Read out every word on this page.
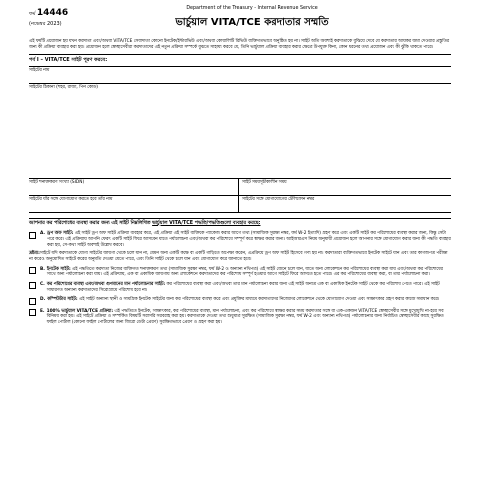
ফর্ম 14446
(নভেম্বর 2023)
Department of the Treasury - Internal Revenue Service
ভার্চুয়াল VITA/TCE করদাতার সম্মতি
এই ফর্মটি প্রয়োজন হয় যখন করদাতা এবং/অথবা VITA/TCE সেবাদাতা কোনো ইনটেক/ইন্টারভিউ এবং/অথবা কোয়ালিটি রিভিউ ব্যক্তিগতভাবে অনুষ্ঠিত হয় না। সাইট অতি অবশ্যই করদাতাকে বুঝিয়ে দেবে যে করদাতার আয়কর জমা দেওয়ার প্রস্তুতির জন্য কী প্রক্রিয়া ব্যবহার করা হয়। প্রয়োজন হলে স্বেচ্ছাসেবীরা করদাতাদের এই নতুন প্রক্রিয়া সম্পর্কে বুঝতে সাহায্য করবে যে, তিনি ভার্চুয়াল প্রক্রিয়া ব্যবহার করার ক্ষেত্রে উপযুক্ত কিনা, কোন ধরনের তথ্য প্রয়োজন এবং কী ঝুঁকি থাকতে পারে।
পর্ব I – VITA/TCE সাইট পূরণ করবে:
সাইটের নাম
সাইটের ঠিকানা (শহর, রাজ্য, পিন কোড)
সাইট শনাক্তকরণ সংখ্যা (SIDN)	সাইট সময়সূচীকালীন সময়
সাইটের যাঁর সঙ্গে যোগাযোগ করতে হবে তাঁর নাম	সাইটের সঙ্গে যোগাযোগের টেলিফোন নম্বর
আপনার কর পরিশোধের ব্যবস্থা করার জন্য এই সাইট নিম্নলিখিত ভার্চুয়াল VITA/TCE পদ্ধতি/পদ্ধতিগুলো ব্যবহার করছে:
A. ড্রপ অফ সাইট: এই সাইট ড্রপ অফ সাইট প্রক্রিয়া ব্যবহার করে, এই প্রক্রিয়া এই সাইট ব্যক্তিকে প্যাকেজ করার আগে তথ্য (সামাজিক সুরক্ষা নম্বর, ফর্ম W-2 ইত্যাদি) গ্রহণ করে এবং একটি সাইট কর পরিশোধের ব্যবস্থা করার জন্য, কিন্তু সেটা পরে করে। এই প্রক্রিয়ায় আপনি ফেরৎ একটি সাইট ফিরে আসবেন যাতে পর্যালোচনা এবং/অথবা কর পরিশোধে সম্পূর্ণ করে স্বাক্ষর করার জন্য। আইআরএস নিয়ম অনুযায়ী প্রয়োজন হলে আপনার সঙ্গে যোগাযোগ করার জন্য কী পদ্ধতি ব্যবহার করা হয়, সে-কথা সাইট অবশ্যই উল্লেখ করবে।
দ্রষ্টব্য:সাইটে যদি করদাতাকে যোগ্য সাইটের জায়গা থেকে চলে যান না, যেমন অন্য একটি কক্ষে বা একটি গাড়িতে অপেক্ষা করেন, এপ্রক্রিয়ে ড্রপ অফ সাইট হিসেবে গণ্য হয় না। করদাতারা ব্যক্তিগতভাবে ইনটেক সাইটে যান এবং তার কাগজপত্র পরীক্ষা না করেও অনুমোদিত সাইটে করের অনুমতি দেওয়া যেতে পারে, এবং তিনি সাইট থেকে চলে যান এবং যোগাযোগ করে জানাতে হবে।
B. ইনটেক সাইট: এই পদ্ধতিতে করদাতা নিজের ব্যক্তিগত শনাক্তকরণ তথ্য (সামাজিক সুরক্ষা নম্বর, ফর্ম W-2 ও অন্যান্য নথিপত্র) এই সাইট জেনে চলে যান, যাতে অন্য লোকেশনে কর পরিশোধের ব্যবস্থা করা যায় এবং/অথবা কর পরিশোধের সাথে অন্য পর্যালোচনা করা যায়। এই প্রক্রিয়ায়, এক বা একাধিক জায়গায় অন্য লোকেশনে করদাতাদের কর পরিশোধ সম্পূর্ণ হওয়ার আগে সাইটে ফিরে আসতে হতে পারে। এর কর পরিশোধের ব্যবস্থা করা, বা তার পর্যালোচনা করা।
C. কর পরিশোধের ব্যবস্থা এবং/অথবা গুণমানের মান পর্যালোচনার সাইট: কর পরিশোধের ব্যবস্থা করা এবং/অথবা তার মান পর্যালোচনা করার জন্য এই সাইট অন্যত্র এক বা একাধিক ইনটেক সাইট থেকে কর পরিশোধ পেতে পারে। এই সাইট সাধারণত অন্যান্য করদাতাদের সিরোগ্রামে পরিশোধ হবে না।
D. কম্পিউটার সাইট: এই সাইট অন্যান্য স্থানী ও সামগ্রিক ইনটেক সাইটের জন্য কর পরিশোধের ব্যবস্থা করে এবং প্রযুক্তির মাধ্যমে করদাতাদের নিজেদের লোকেশনে থেকে যোগাযোগ দেওয়া এবং সাক্ষাৎকার গ্রহণ করার কাজে সমাধান করে।
E. 100% ভার্চুয়াল VITA/TCE প্রক্রিয়া: এই পদ্ধতিতে ইনটেক, সাক্ষাৎকার, কর পরিশোধের ব্যবস্থা, মান পর্যালোচনা, এবং কর পরিশোধে স্বাক্ষর করার সময় করদাতার সঙ্গে বা এক-একজন VITA/TCE স্বেচ্ছাসেবীর সঙ্গে মুখোমুখি না-হয়ে সব বিনিময় করা হয়। এই সাইটে প্রক্রিয়া ও সম্পর্কিত বিষয়টি সরাসরি সরবরাহ করা হয়। করদাতাকে দেওয়া তথ্য শুধুমাত্র সুরক্ষিত (সামাজিক সুরক্ষা নম্বর, ফর্ম W-2 এবং অন্যান্য নথিপত্র) পর্যালোচনার জন্য নির্বাচিত স্বেচ্ছাসেবীর কাছে সুরক্ষিত ফাইল পোর্টাল (কোনো ফাইল পোর্টালের জন্য জিরো ডেটা প্রেরণ) সুরক্ষিতভাবে প্রেরণ ও গ্রহণ করা হয়।
